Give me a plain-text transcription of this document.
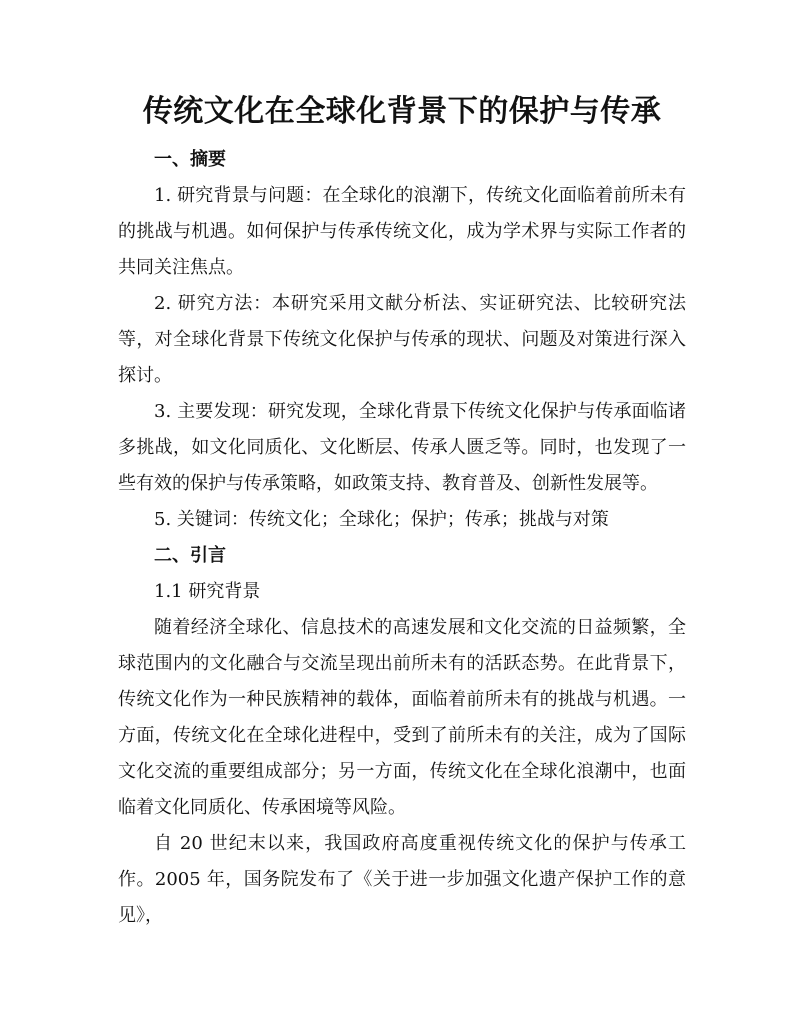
传统文化在全球化背景下的保护与传承

一、摘要

1. 研究背景与问题：在全球化的浪潮下，传统文化面临着前所未有的挑战与机遇。如何保护与传承传统文化，成为学术界与实际工作者的共同关注焦点。

2. 研究方法：本研究采用文献分析法、实证研究法、比较研究法等，对全球化背景下传统文化保护与传承的现状、问题及对策进行深入探讨。

3. 主要发现：研究发现，全球化背景下传统文化保护与传承面临诸多挑战，如文化同质化、文化断层、传承人匮乏等。同时，也发现了一些有效的保护与传承策略，如政策支持、教育普及、创新性发展等。

5. 关键词：传统文化；全球化；保护；传承；挑战与对策

二、引言

1.1 研究背景

随着经济全球化、信息技术的高速发展和文化交流的日益频繁，全球范围内的文化融合与交流呈现出前所未有的活跃态势。在此背景下，传统文化作为一种民族精神的载体，面临着前所未有的挑战与机遇。一方面，传统文化在全球化进程中，受到了前所未有的关注，成为了国际文化交流的重要组成部分；另一方面，传统文化在全球化浪潮中，也面临着文化同质化、传承困境等风险。

自 20 世纪末以来，我国政府高度重视传统文化的保护与传承工作。2005 年，国务院发布了《关于进一步加强文化遗产保护工作的意见》，
